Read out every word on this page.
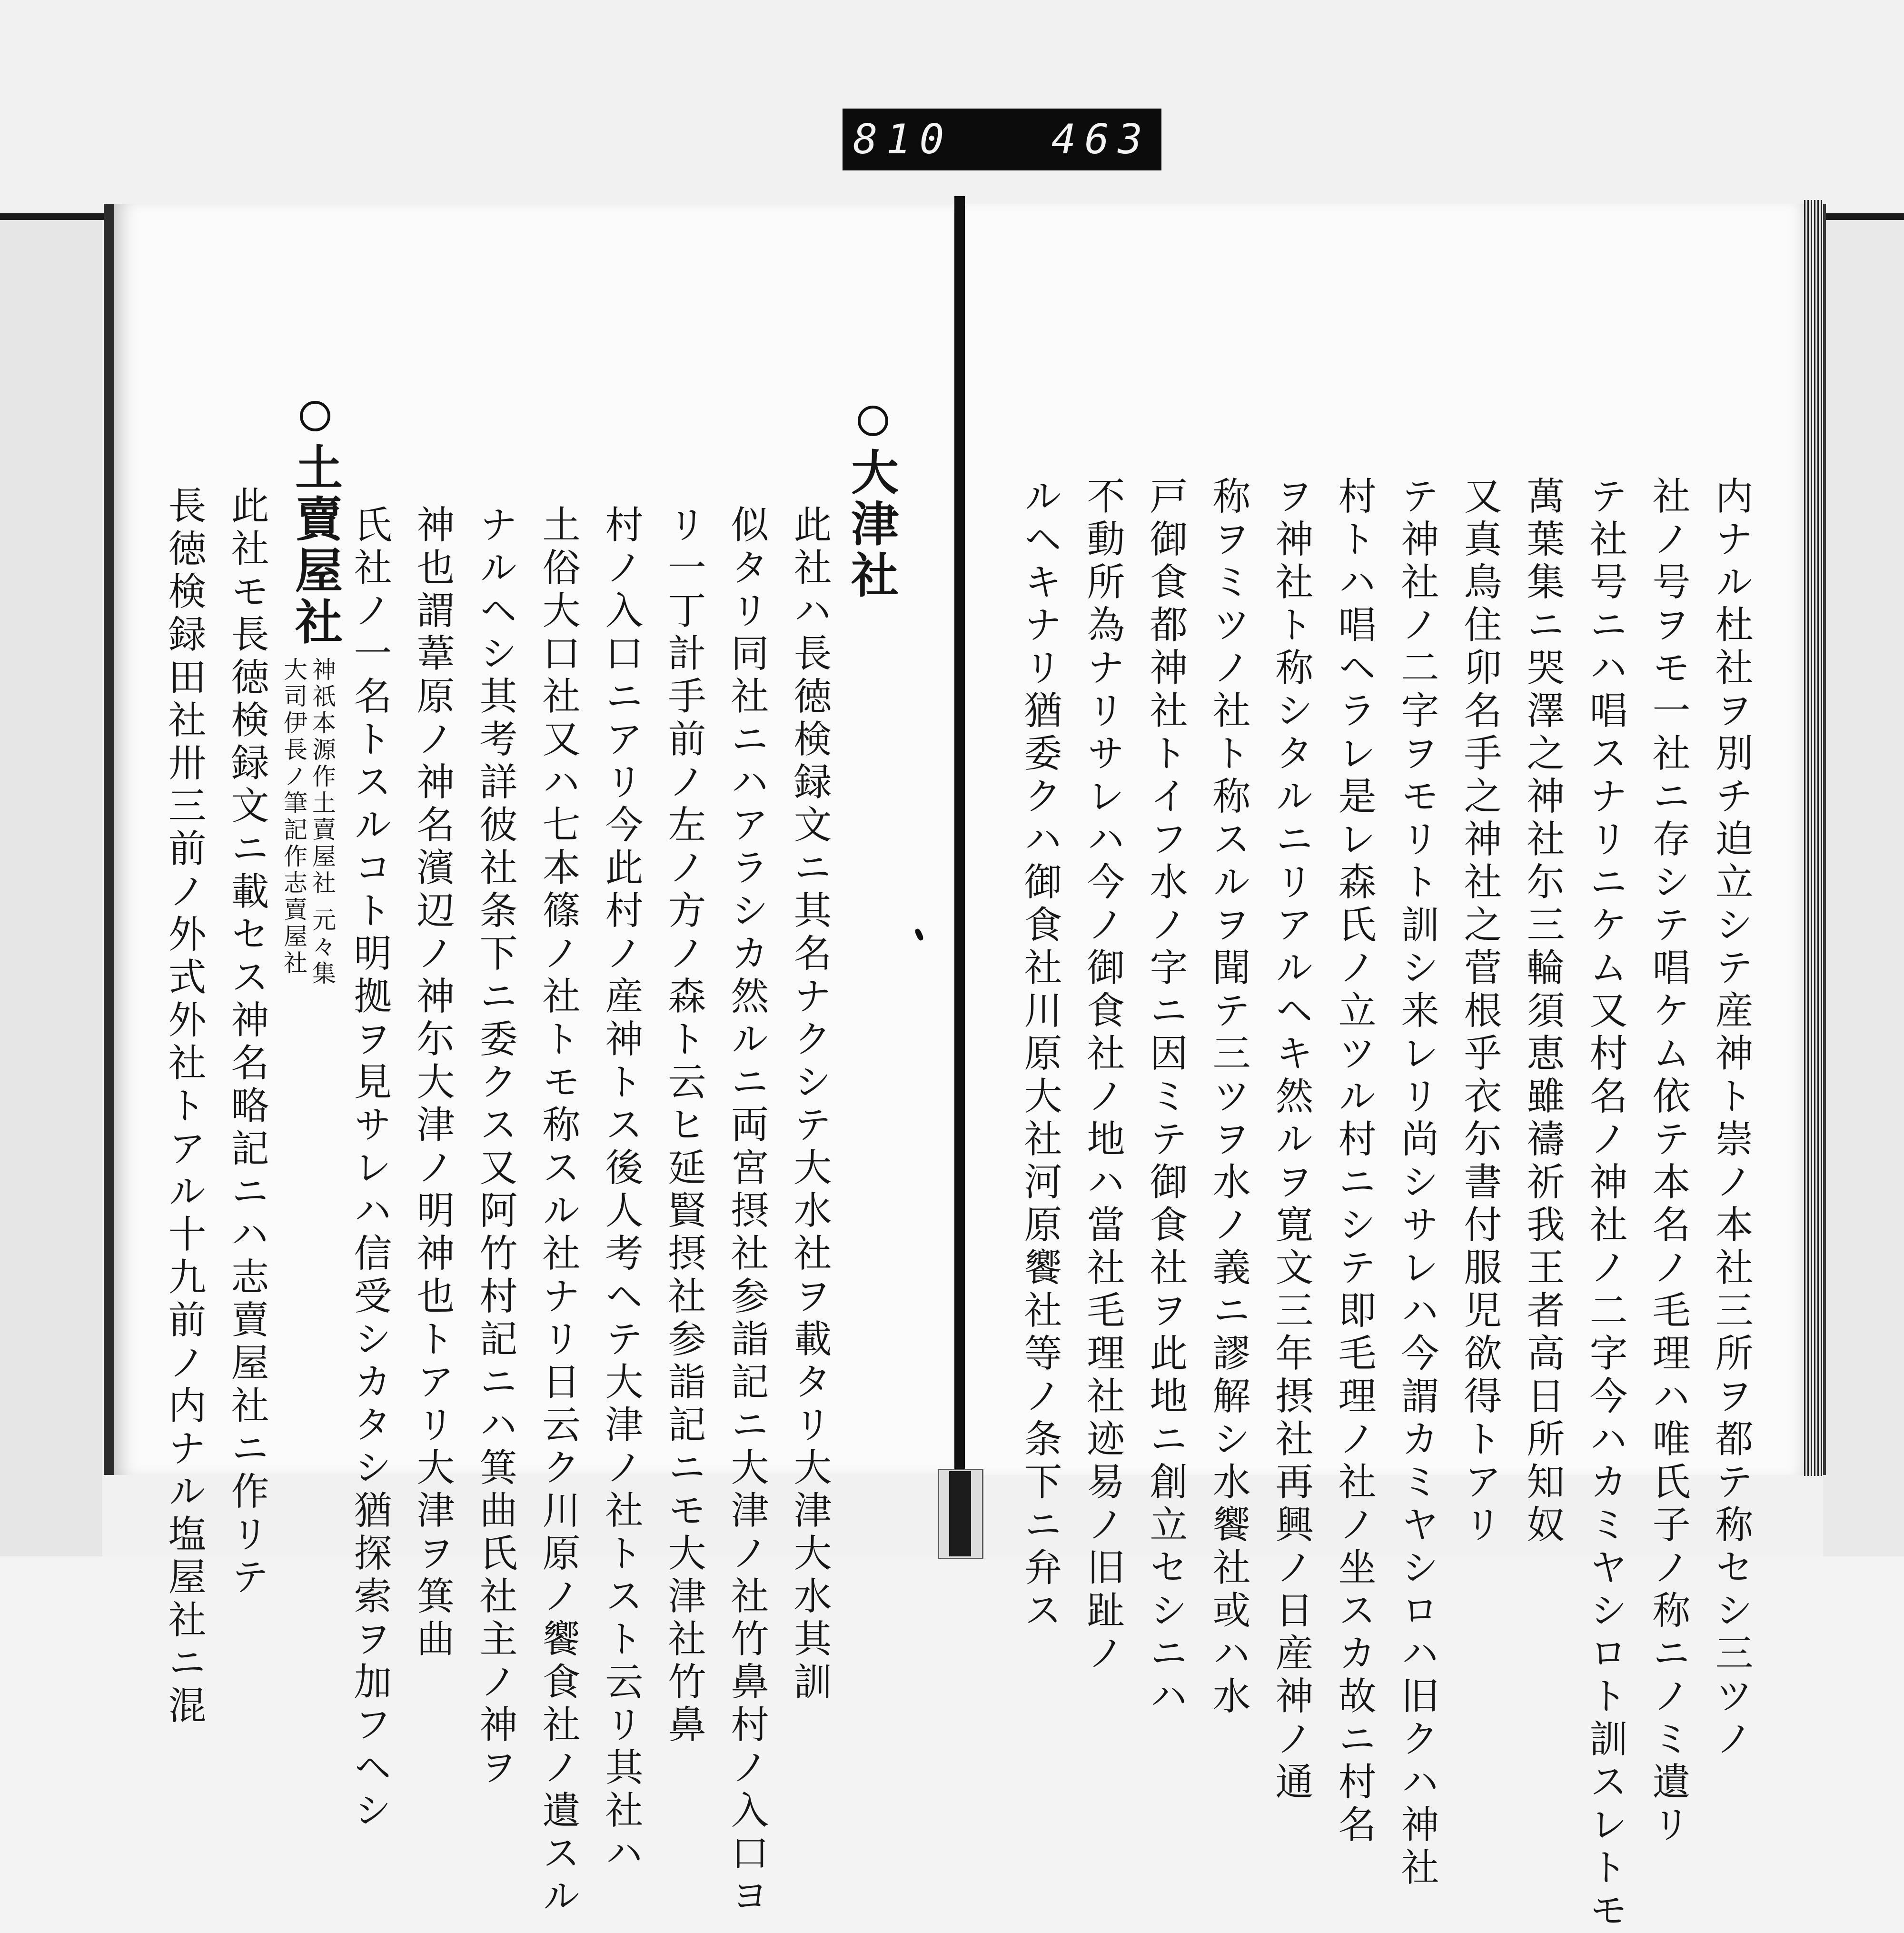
810 463
内ナル杜社ヲ別チ迫立シテ産神ト崇ノ本社三所ヲ都テ称セシ三ツノ
社ノ号ヲモ一社ニ存シテ唱ケム依テ本名ノ毛理ハ唯氏子ノ称ニノミ遺リ
テ社号ニハ唱スナリニケム又村名ノ神社ノ二字今ハカミヤシロト訓スレトモ
萬葉集ニ哭澤之神社尓三輪須恵雖禱祈我王者高日所知奴
又真鳥住卯名手之神社之菅根乎衣尓書付服児欲得トアリ
テ神社ノ二字ヲモリト訓シ来レリ尚シサレハ今謂カミヤシロハ旧クハ神社
村トハ唱ヘラレ是レ森氏ノ立ツル村ニシテ即毛理ノ社ノ坐スカ故ニ村名
ヲ神社ト称シタルニリアルヘキ然ルヲ寛文三年摂社再興ノ日産神ノ通
称ヲミツノ社ト称スルヲ聞テ三ツヲ水ノ義ニ謬解シ水饗社或ハ水
戸御食都神社トイフ水ノ字ニ因ミテ御食社ヲ此地ニ創立セシニハ
不動所為ナリサレハ今ノ御食社ノ地ハ當社毛理社迹易ノ旧趾ノ
ルヘキナリ猶委クハ御食社川原大社河原饗社等ノ条下ニ弁ス
大津社
此社ハ長徳検録文ニ其名ナクシテ大水社ヲ載タリ大津大水其訓
似タリ同社ニハアラシカ然ルニ両宮摂社参詣記ニ大津ノ社竹鼻村ノ入口ヨ
リ一丁計手前ノ左ノ方ノ森ト云ヒ延賢摂社参詣記ニモ大津社竹鼻
村ノ入口ニアリ今此村ノ産神トス後人考ヘテ大津ノ社トスト云リ其社ハ
土俗大口社又ハ七本篠ノ社トモ称スル社ナリ日云ク川原ノ饗食社ノ遺スル
ナルヘシ其考詳彼社条下ニ委クス又阿竹村記ニハ箕曲氏社主ノ神ヲ
神也謂葦原ノ神名濱辺ノ神尓大津ノ明神也トアリ大津ヲ箕曲
氏社ノ一名トスルコト明拠ヲ見サレハ信受シカタシ猶探索ヲ加フヘシ
土賣屋社
神祇本源作土賣屋社 元々集
大司伊長ノ筆記作志賣屋社
此社モ長徳検録文ニ載セス神名略記ニハ志賣屋社ニ作リテ
長徳検録田社卅三前ノ外式外社トアル十九前ノ内ナル塩屋社ニ混
